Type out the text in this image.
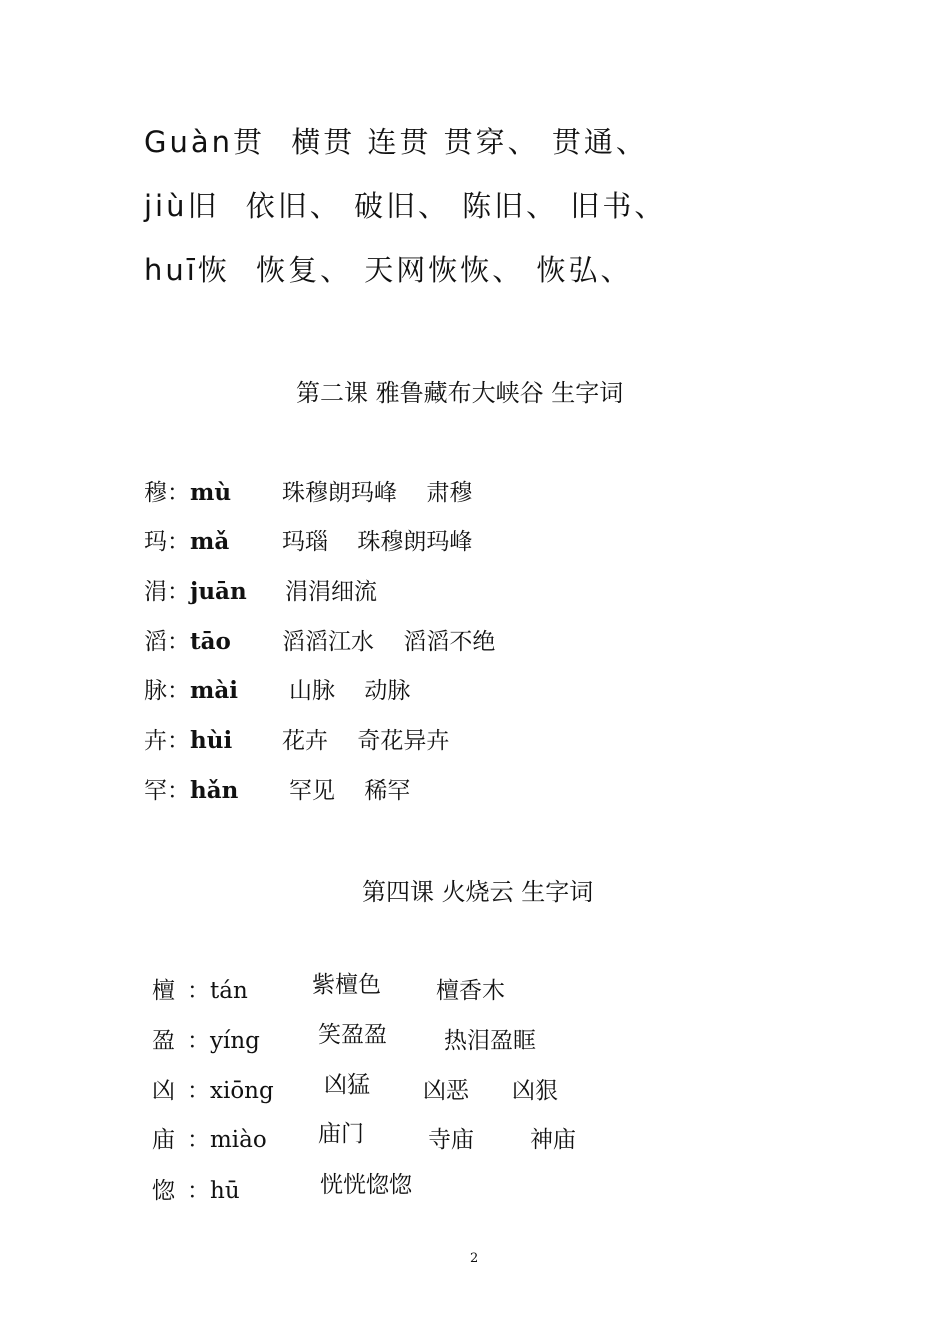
Guàn贯 横贯 连贯 贯穿、 贯通、
jiù旧 依旧、 破旧、 陈旧、 旧书、
huī恢 恢复、 天网恢恢、 恢弘、
第二课 雅鲁藏布大峡谷 生字词
穆：mù 珠穆朗玛峰 肃穆
玛：mǎ 玛瑙 珠穆朗玛峰
涓：juān 涓涓细流
滔：tāo 滔滔江水 滔滔不绝
脉：mài 山脉 动脉
卉：hùi 花卉 奇花异卉
罕：hǎn 罕见 稀罕
第四课 火烧云 生字词
檀 ：tán	紫檀色 檀香木
盈 ：yíng	笑盈盈 热泪盈眶
凶 ：xiōng 凶猛 凶恶 凶狠
庙 ：miào 庙门	寺庙 神庙
惚 ：hū	恍恍惚惚
2
